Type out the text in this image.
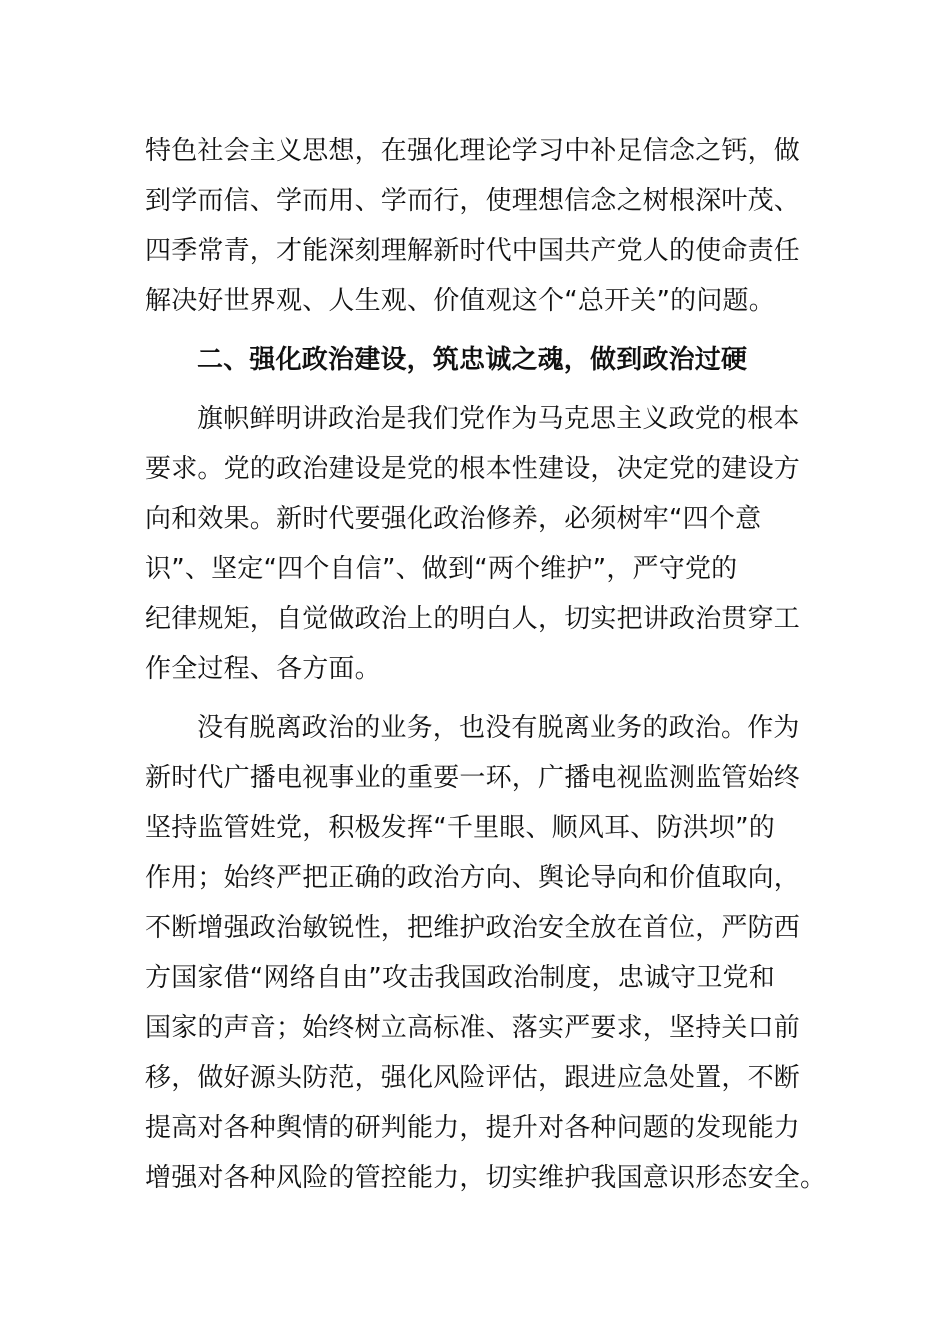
特色社会主义思想，在强化理论学习中补足信念之钙，做
到学而信、学而用、学而行，使理想信念之树根深叶茂、
四季常青，才能深刻理解新时代中国共产党人的使命责任
解决好世界观、人生观、价值观这个“总开关”的问题。
二、强化政治建设，筑忠诚之魂，做到政治过硬
旗帜鲜明讲政治是我们党作为马克思主义政党的根本
要求。党的政治建设是党的根本性建设，决定党的建设方
向和效果。新时代要强化政治修养，必须树牢“四个意
识”、坚定“四个自信”、做到“两个维护”，严守党的
纪律规矩，自觉做政治上的明白人，切实把讲政治贯穿工
作全过程、各方面。
没有脱离政治的业务，也没有脱离业务的政治。作为
新时代广播电视事业的重要一环，广播电视监测监管始终
坚持监管姓党，积极发挥“千里眼、顺风耳、防洪坝”的
作用；始终严把正确的政治方向、舆论导向和价值取向，
不断增强政治敏锐性，把维护政治安全放在首位，严防西
方国家借“网络自由”攻击我国政治制度，忠诚守卫党和
国家的声音；始终树立高标准、落实严要求，坚持关口前
移，做好源头防范，强化风险评估，跟进应急处置，不断
提高对各种舆情的研判能力，提升对各种问题的发现能力
增强对各种风险的管控能力，切实维护我国意识形态安全。
